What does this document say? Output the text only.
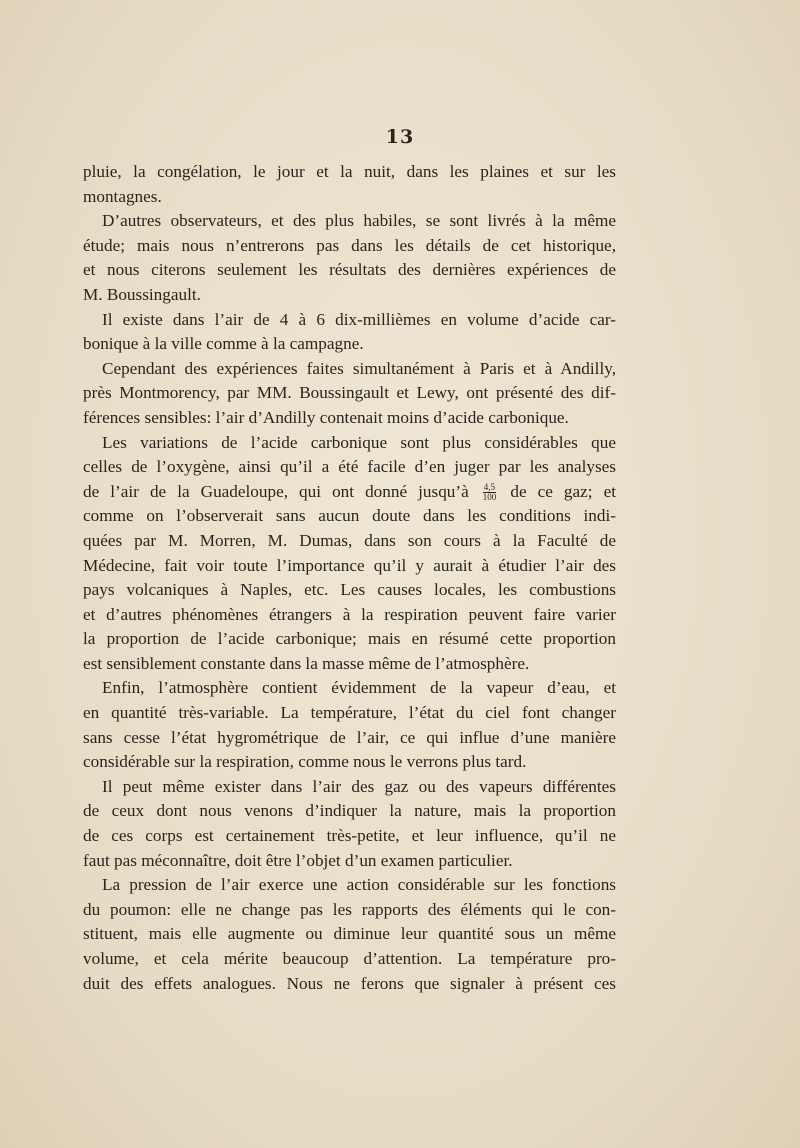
13
pluie, la congélation, le jour et la nuit, dans les plaines et sur les
montagnes.
D’autres observateurs, et des plus habiles, se sont livrés à la même
étude; mais nous n’entrerons pas dans les détails de cet historique,
et nous citerons seulement les résultats des dernières expériences de
M. Boussingault.
Il existe dans l’air de 4 à 6 dix-millièmes en volume d’acide car-
bonique à la ville comme à la campagne.
Cependant des expériences faites simultanément à Paris et à Andilly,
près Montmorency, par MM. Boussingault et Lewy, ont présenté des dif-
férences sensibles: l’air d’Andilly contenait moins d’acide carbonique.
Les variations de l’acide carbonique sont plus considérables que
celles de l’oxygène, ainsi qu’il a été facile d’en juger par les analyses
de l’air de la Guadeloupe, qui ont donné jusqu’à $\frac{4,5}{100}$ de ce gaz; et
comme on l’observerait sans aucun doute dans les conditions indi-
quées par M. Morren, M. Dumas, dans son cours à la Faculté de
Médecine, fait voir toute l’importance qu’il y aurait à étudier l’air des
pays volcaniques à Naples, etc. Les causes locales, les combustions
et d’autres phénomènes étrangers à la respiration peuvent faire varier
la proportion de l’acide carbonique; mais en résumé cette proportion
est sensiblement constante dans la masse même de l’atmosphère.
Enfin, l’atmosphère contient évidemment de la vapeur d’eau, et
en quantité très-variable. La température, l’état du ciel font changer
sans cesse l’état hygrométrique de l’air, ce qui influe d’une manière
considérable sur la respiration, comme nous le verrons plus tard.
Il peut même exister dans l’air des gaz ou des vapeurs différentes
de ceux dont nous venons d’indiquer la nature, mais la proportion
de ces corps est certainement très-petite, et leur influence, qu’il ne
faut pas méconnaître, doit être l’objet d’un examen particulier.
La pression de l’air exerce une action considérable sur les fonctions
du poumon: elle ne change pas les rapports des éléments qui le con-
stituent, mais elle augmente ou diminue leur quantité sous un même
volume, et cela mérite beaucoup d’attention. La température pro-
duit des effets analogues. Nous ne ferons que signaler à présent ces
